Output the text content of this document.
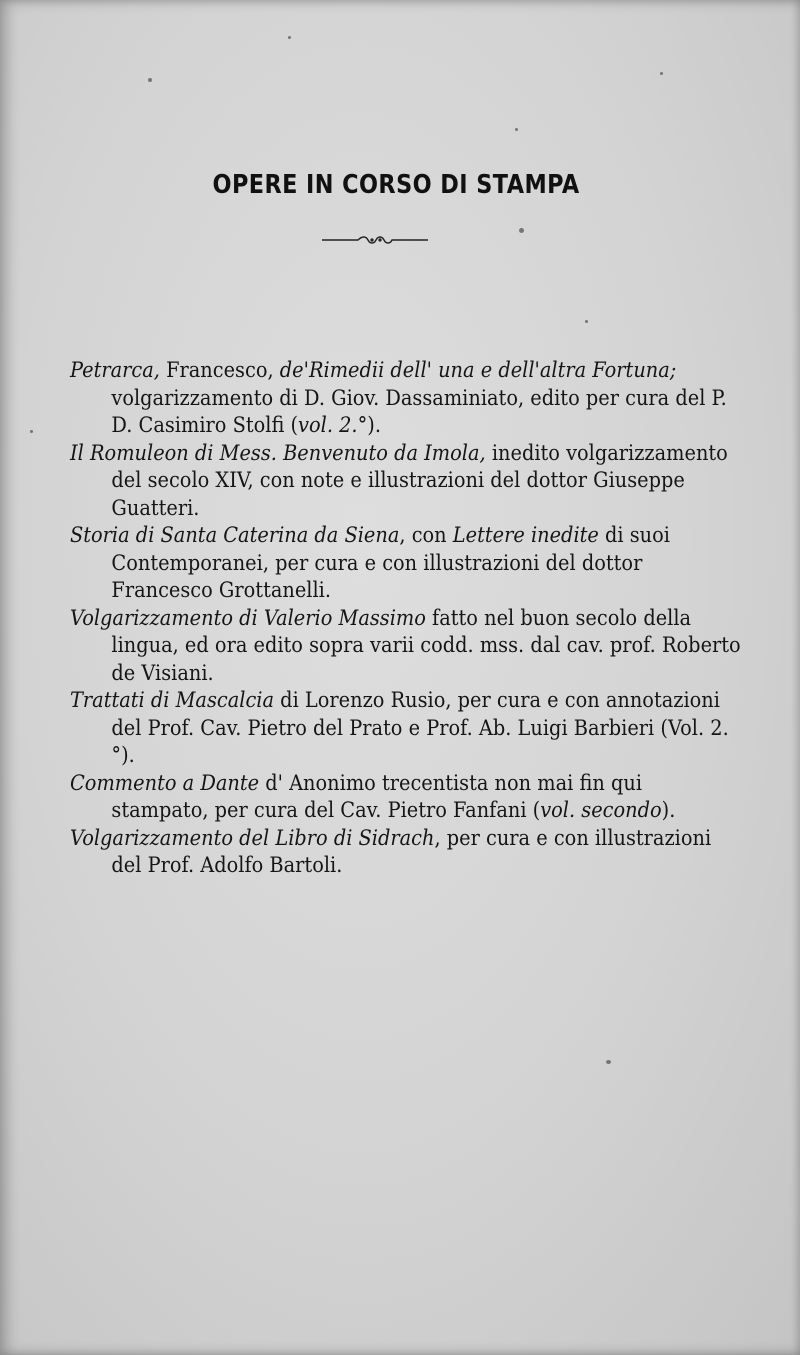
OPERE IN CORSO DI STAMPA
Petrarca, Francesco, de'Rimedii dell' una e dell'altra Fortuna; volgarizzamento di D. Giov. Dassaminiato, edito per cura del P. D. Casimiro Stolfi (vol. 2.°).
Il Romuleon di Mess. Benvenuto da Imola, inedito volgarizzamento del secolo XIV, con note e illustrazioni del dottor Giuseppe Guatteri.
Storia di Santa Caterina da Siena, con Lettere inedite di suoi Contemporanei, per cura e con illustrazioni del dottor Francesco Grottanelli.
Volgarizzamento di Valerio Massimo fatto nel buon secolo della lingua, ed ora edito sopra varii codd. mss. dal cav. prof. Roberto de Visiani.
Trattati di Mascalcia di Lorenzo Rusio, per cura e con annotazioni del Prof. Cav. Pietro del Prato e Prof. Ab. Luigi Barbieri (Vol. 2.°).
Commento a Dante d' Anonimo trecentista non mai fin qui stampato, per cura del Cav. Pietro Fanfani (vol. secondo).
Volgarizzamento del Libro di Sidrach, per cura e con illustrazioni del Prof. Adolfo Bartoli.
